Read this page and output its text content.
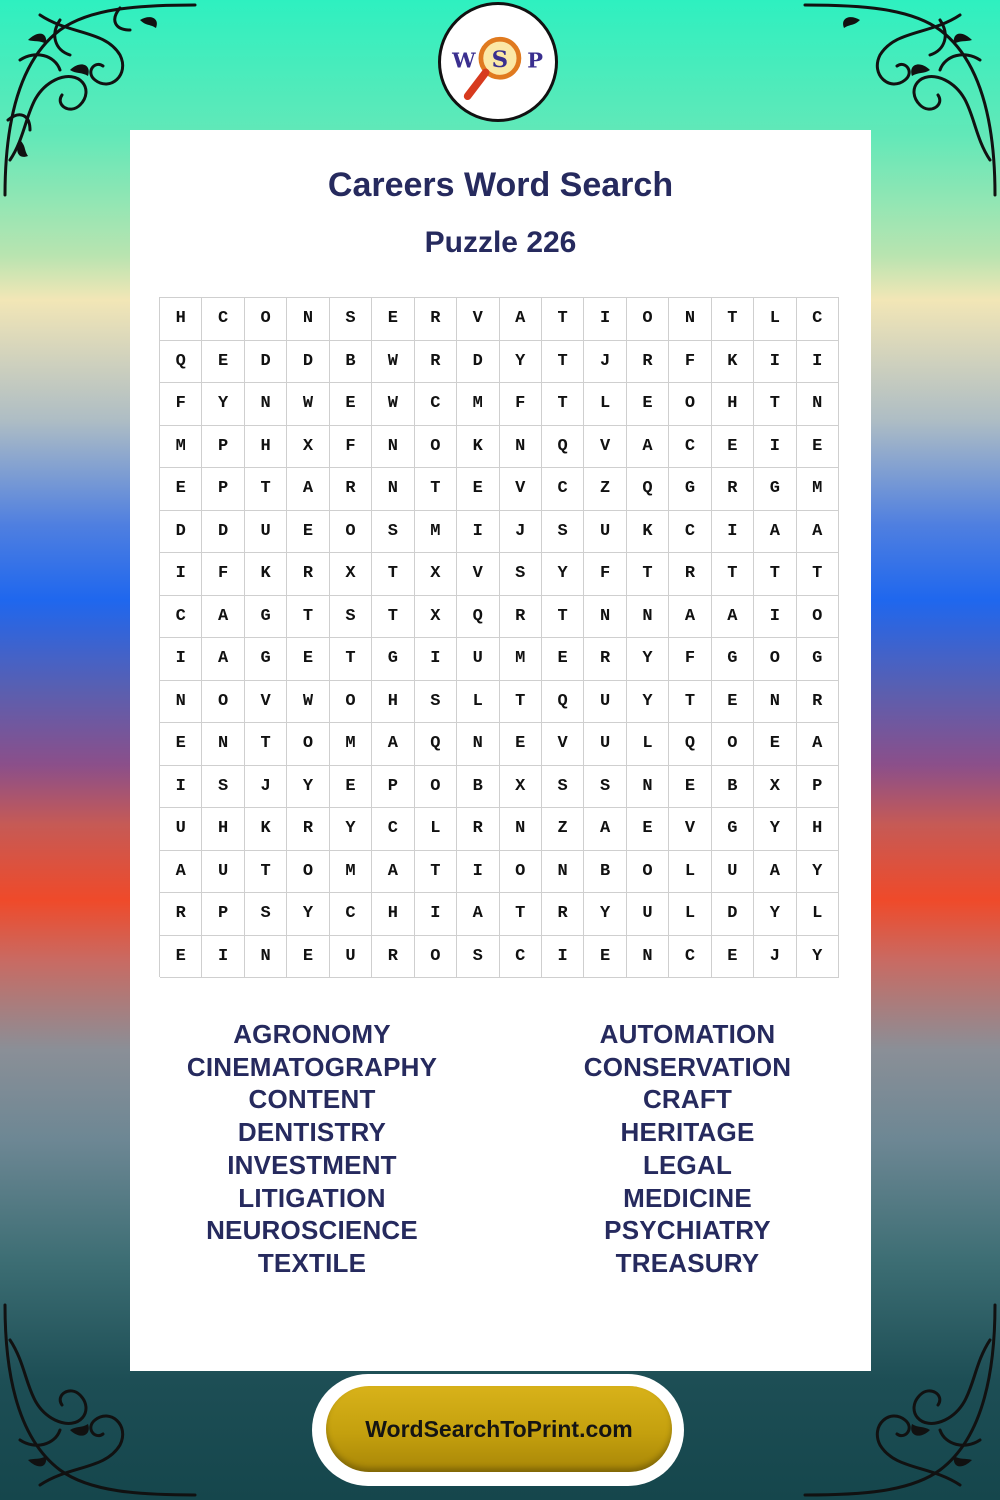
W S P
Careers Word Search
Puzzle 226
H	C	O	N	S	E	R	V	A	T	I	O	N	T	L	C
Q	E	D	D	B	W	R	D	Y	T	J	R	F	K	I	I
F	Y	N	W	E	W	C	M	F	T	L	E	O	H	T	N
M	P	H	X	F	N	O	K	N	Q	V	A	C	E	I	E
E	P	T	A	R	N	T	E	V	C	Z	Q	G	R	G	M
D	D	U	E	O	S	M	I	J	S	U	K	C	I	A	A
I	F	K	R	X	T	X	V	S	Y	F	T	R	T	T	T
C	A	G	T	S	T	X	Q	R	T	N	N	A	A	I	O
I	A	G	E	T	G	I	U	M	E	R	Y	F	G	O	G
N	O	V	W	O	H	S	L	T	Q	U	Y	T	E	N	R
E	N	T	O	M	A	Q	N	E	V	U	L	Q	O	E	A
I	S	J	Y	E	P	O	B	X	S	S	N	E	B	X	P
U	H	K	R	Y	C	L	R	N	Z	A	E	V	G	Y	H
A	U	T	O	M	A	T	I	O	N	B	O	L	U	A	Y
R	P	S	Y	C	H	I	A	T	R	Y	U	L	D	Y	L
E	I	N	E	U	R	O	S	C	I	E	N	C	E	J	Y
AGRONOMY
CINEMATOGRAPHY
CONTENT
DENTISTRY
INVESTMENT
LITIGATION
NEUROSCIENCE
TEXTILE
AUTOMATION
CONSERVATION
CRAFT
HERITAGE
LEGAL
MEDICINE
PSYCHIATRY
TREASURY
WordSearchToPrint.com
